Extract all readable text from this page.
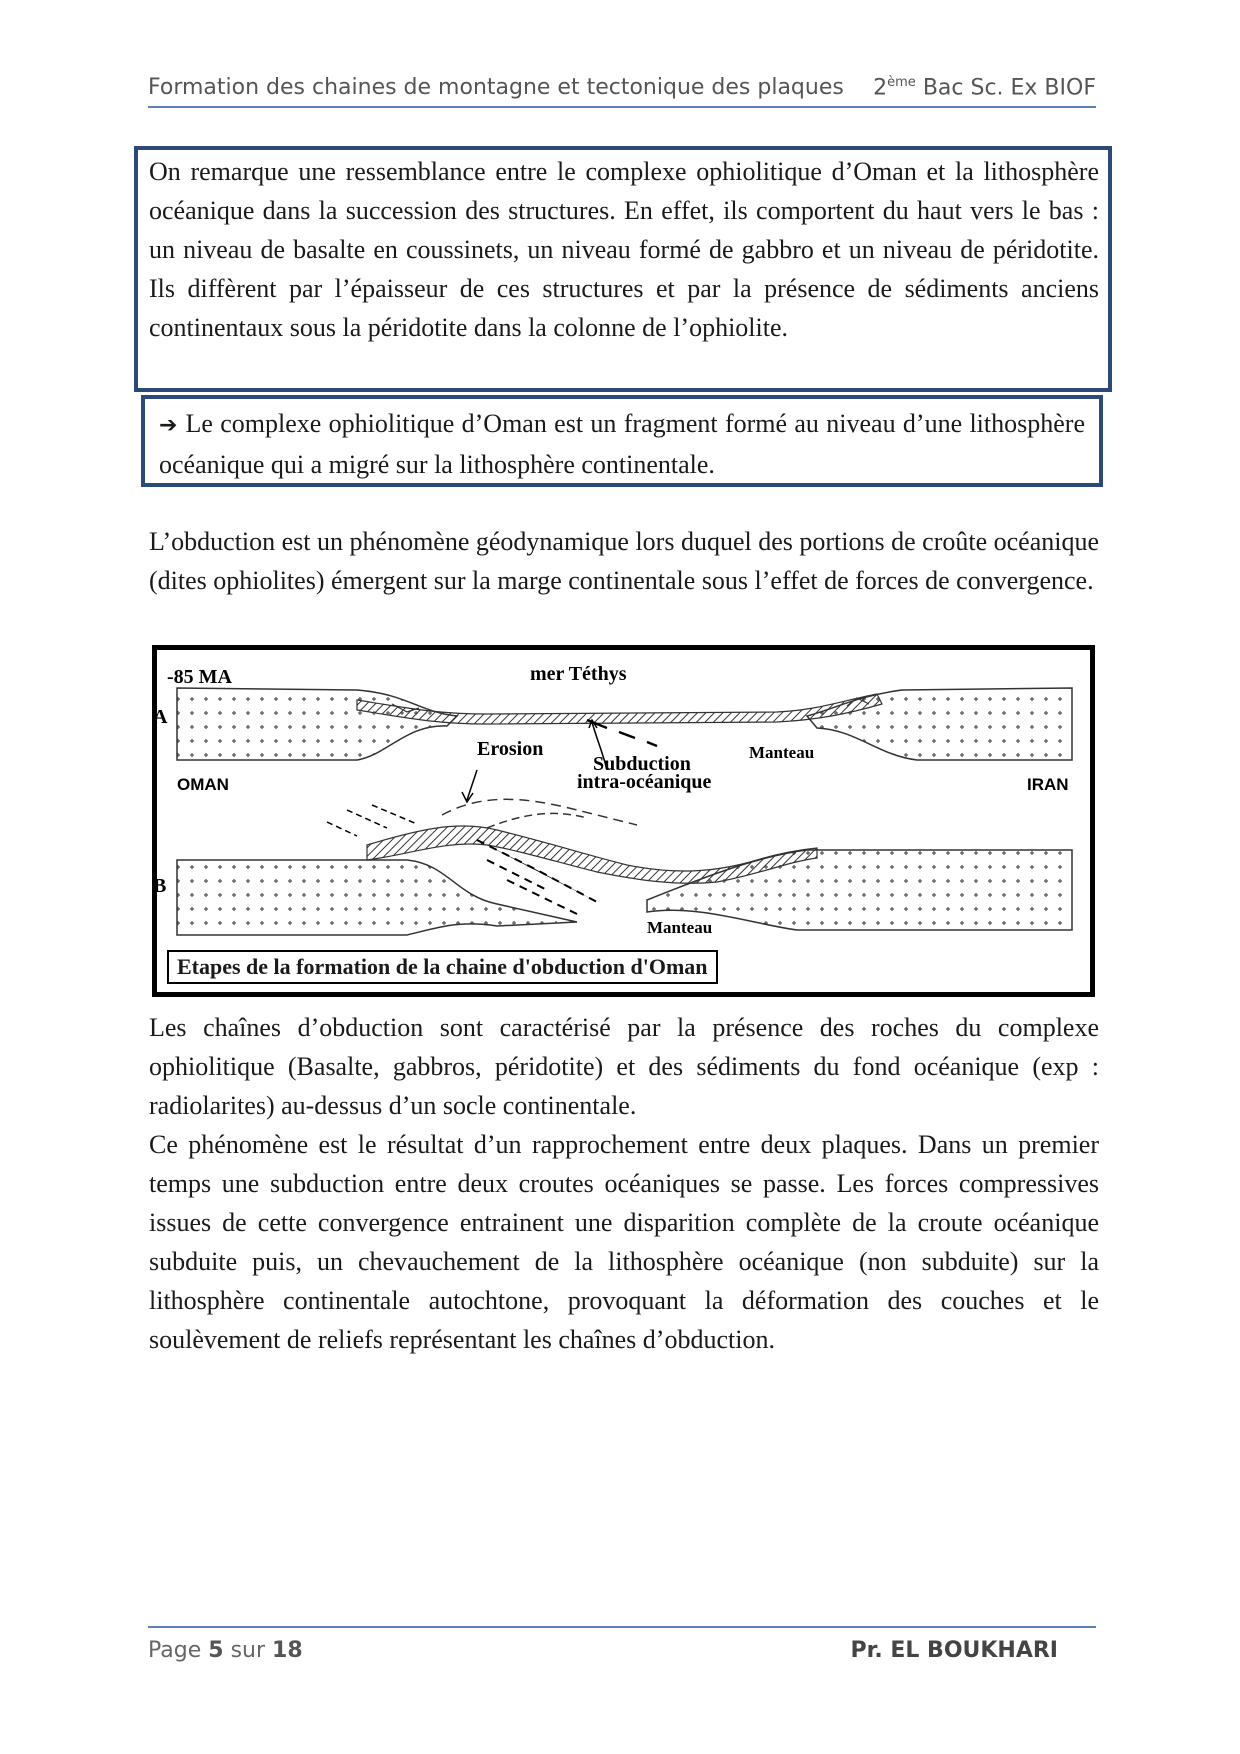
Formation des chaines de montagne et tectonique des plaques 2ème Bac Sc. Ex BIOF
On remarque une ressemblance entre le complexe ophiolitique d’Oman et la lithosphère océanique dans la succession des structures. En effet, ils comportent du haut vers le bas : un niveau de basalte en coussinets, un niveau formé de gabbro et un niveau de péridotite. Ils diffèrent par l’épaisseur de ces structures et par la présence de sédiments anciens continentaux sous la péridotite dans la colonne de l’ophiolite.
➔ Le complexe ophiolitique d’Oman est un fragment formé au niveau d’une lithosphère océanique qui a migré sur la lithosphère continentale.
L’obduction est un phénomène géodynamique lors duquel des portions de croûte océanique (dites ophiolites) émergent sur la marge continentale sous l’effet de forces de convergence.
-85 MA	mer Téthys
A
OMAN	IRAN
Manteau
Subduction
intra-océanique
Erosion
B
Manteau
Etapes de la formation de la chaine d'obduction d'Oman
Les chaînes d’obduction sont caractérisé par la présence des roches du complexe ophiolitique (Basalte, gabbros, péridotite) et des sédiments du fond océanique (exp : radiolarites) au-dessus d’un socle continentale.
Ce phénomène est le résultat d’un rapprochement entre deux plaques. Dans un premier temps une subduction entre deux croutes océaniques se passe. Les forces compressives issues de cette convergence entrainent une disparition complète de la croute océanique subduite puis, un chevauchement de la lithosphère océanique (non subduite) sur la lithosphère continentale autochtone, provoquant la déformation des couches et le soulèvement de reliefs représentant les chaînes d’obduction.
Page 5 sur 18	Pr. EL BOUKHARI
